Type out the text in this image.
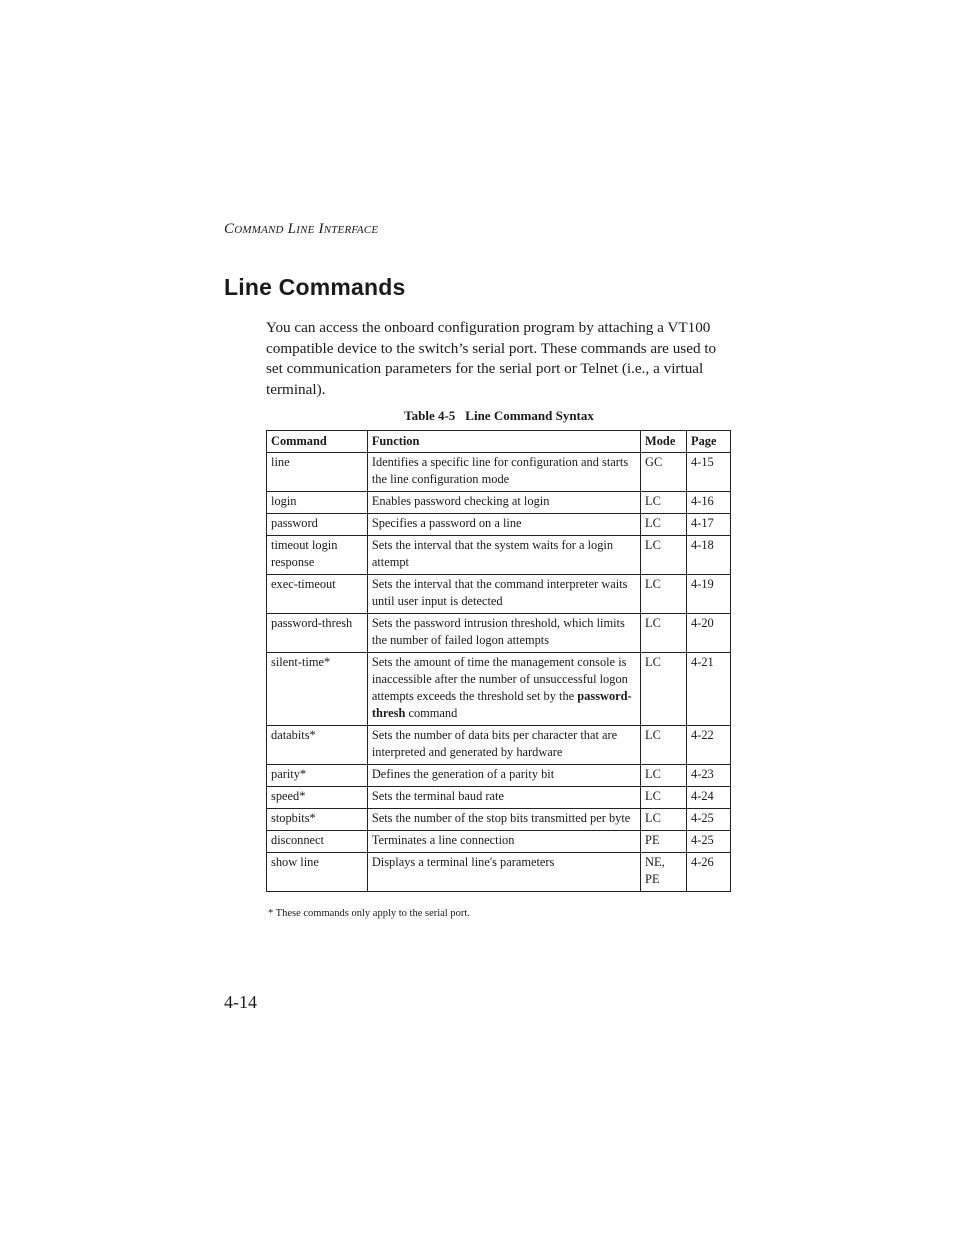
COMMAND LINE INTERFACE
Line Commands

You can access the onboard configuration program by attaching a VT100 compatible device to the switch’s serial port. These commands are used to set communication parameters for the serial port or Telnet (i.e., a virtual terminal).

Table 4-5 Line Command Syntax
Command	Function	Mode	Page
line	Identifies a specific line for configuration and starts the line configuration mode	GC	4-15
login	Enables password checking at login	LC	4-16
password	Specifies a password on a line	LC	4-17
timeout login response	Sets the interval that the system waits for a login attempt	LC	4-18
exec-timeout	Sets the interval that the command interpreter waits until user input is detected	LC	4-19
password-thresh	Sets the password intrusion threshold, which limits the number of failed logon attempts	LC	4-20
silent-time*	Sets the amount of time the management console is inaccessible after the number of unsuccessful logon attempts exceeds the threshold set by the password-thresh command	LC	4-21
databits*	Sets the number of data bits per character that are interpreted and generated by hardware	LC	4-22
parity*	Defines the generation of a parity bit	LC	4-23
speed*	Sets the terminal baud rate	LC	4-24
stopbits*	Sets the number of the stop bits transmitted per byte	LC	4-25
disconnect	Terminates a line connection	PE	4-25
show line	Displays a terminal line's parameters	NE, PE	4-26
* These commands only apply to the serial port.
4-14
